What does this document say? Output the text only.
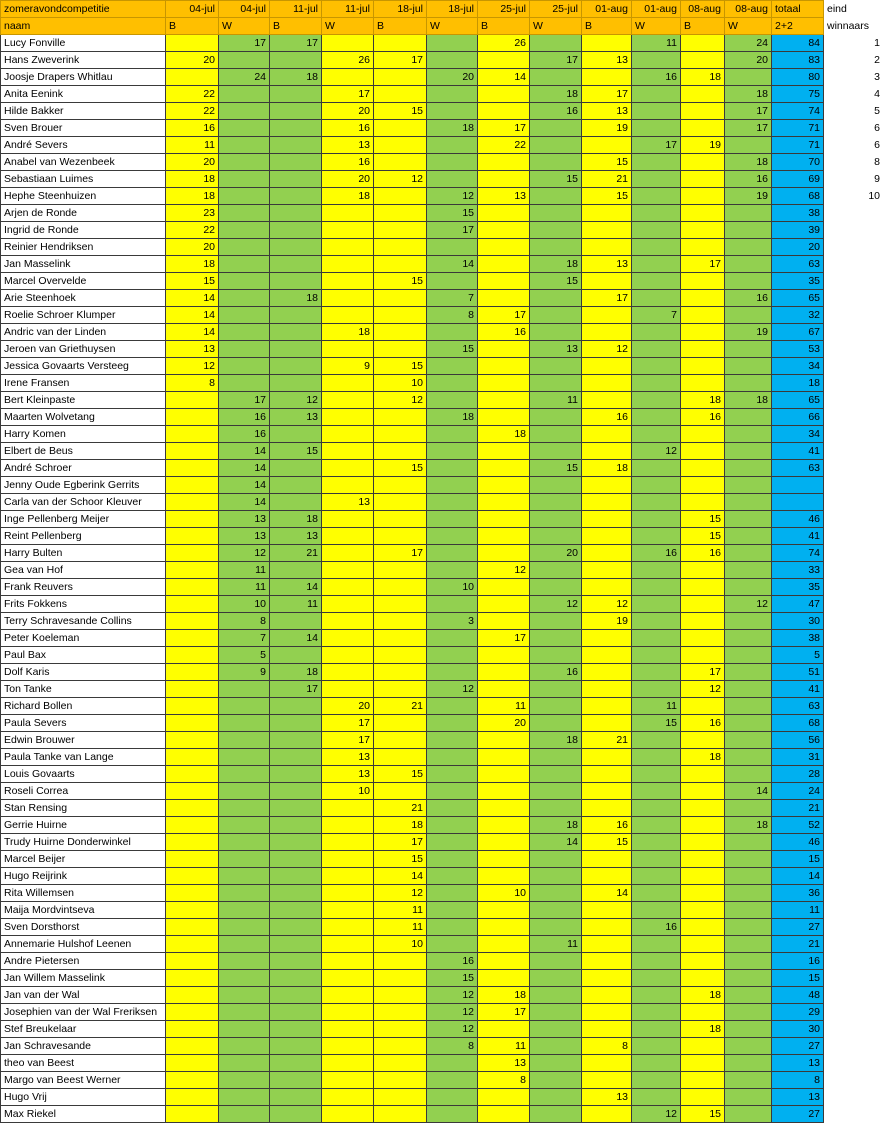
zomeravondcompetitie	04-jul	04-jul	11-jul	11-jul	18-jul	18-jul	25-jul	25-jul	01-aug	01-aug	08-aug	08-aug	totaal	eind
naam	B	W	B	W	B	W	B	W	B	W	B	W	2+2	winnaars
Lucy Fonville		17	17				26			11		24	84	1
Hans Zweverink	20			26	17			17	13			20	83	2
Joosje Drapers Whitlau		24	18			20	14			16	18		80	3
Anita Eenink	22			17				18	17			18	75	4
Hilde Bakker	22			20	15			16	13			17	74	5
Sven Brouer	16			16		18	17		19			17	71	6
André Severs	11			13			22			17	19		71	6
Anabel van Wezenbeek	20			16					15			18	70	8
Sebastiaan Luimes	18			20	12			15	21			16	69	9
Hephe Steenhuizen	18			18		12	13		15			19	68	10
Arjen de Ronde	23					15							38	
Ingrid de Ronde	22					17							39	
Reinier Hendriksen	20												20	
Jan Masselink	18					14		18	13		17		63	
Marcel Overvelde	15				15			15					35	
Arie Steenhoek	14		18			7			17			16	65	
Roelie Schroer Klumper	14					8	17			7			32	
Andric van der Linden	14			18			16					19	67	
Jeroen van Griethuysen	13					15		13	12				53	
Jessica Govaarts Versteeg	12			9	15								34	
Irene Fransen	8				10								18	
Bert Kleinpaste		17	12		12			11			18	18	65	
Maarten Wolvetang		16	13			18			16		16		66	
Harry Komen		16					18						34	
Elbert de Beus		14	15							12			41	
André Schroer		14			15			15	18				63	
Jenny Oude Egberink Gerrits		14												
Carla van der Schoor Kleuver		14		13										
Inge Pellenberg Meijer		13	18								15		46	
Reint Pellenberg		13	13								15		41	
Harry Bulten		12	21		17			20		16	16		74	
Gea van Hof		11					12						33	
Frank Reuvers		11	14			10							35	
Frits Fokkens		10	11					12	12			12	47	
Terry Schravesande Collins		8				3			19				30	
Peter Koeleman		7	14				17						38	
Paul Bax		5											5	
Dolf Karis		9	18					16			17		51	
Ton Tanke			17			12					12		41	
Richard Bollen				20	21		11			11			63	
Paula Severs				17			20			15	16		68	
Edwin Brouwer				17				18	21				56	
Paula Tanke van Lange				13							18		31	
Louis Govaarts				13	15								28	
Roseli Correa				10								14	24	
Stan Rensing					21								21	
Gerrie Huirne					18			18	16			18	52	
Trudy Huirne Donderwinkel					17			14	15				46	
Marcel Beijer					15								15	
Hugo Reijrink					14								14	
Rita Willemsen					12		10		14				36	
Maija Mordvintseva					11								11	
Sven Dorsthorst					11					16			27	
Annemarie Hulshof Leenen					10			11					21	
Andre Pietersen						16							16	
Jan Willem Masselink						15							15	
Jan van der Wal						12	18				18		48	
Josephien van der Wal Freriksen						12	17						29	
Stef Breukelaar						12					18		30	
Jan Schravesande						8	11		8				27	
theo van Beest							13						13	
Margo van Beest Werner							8						8	
Hugo Vrij									13				13	
Max Riekel										12	15		27	
